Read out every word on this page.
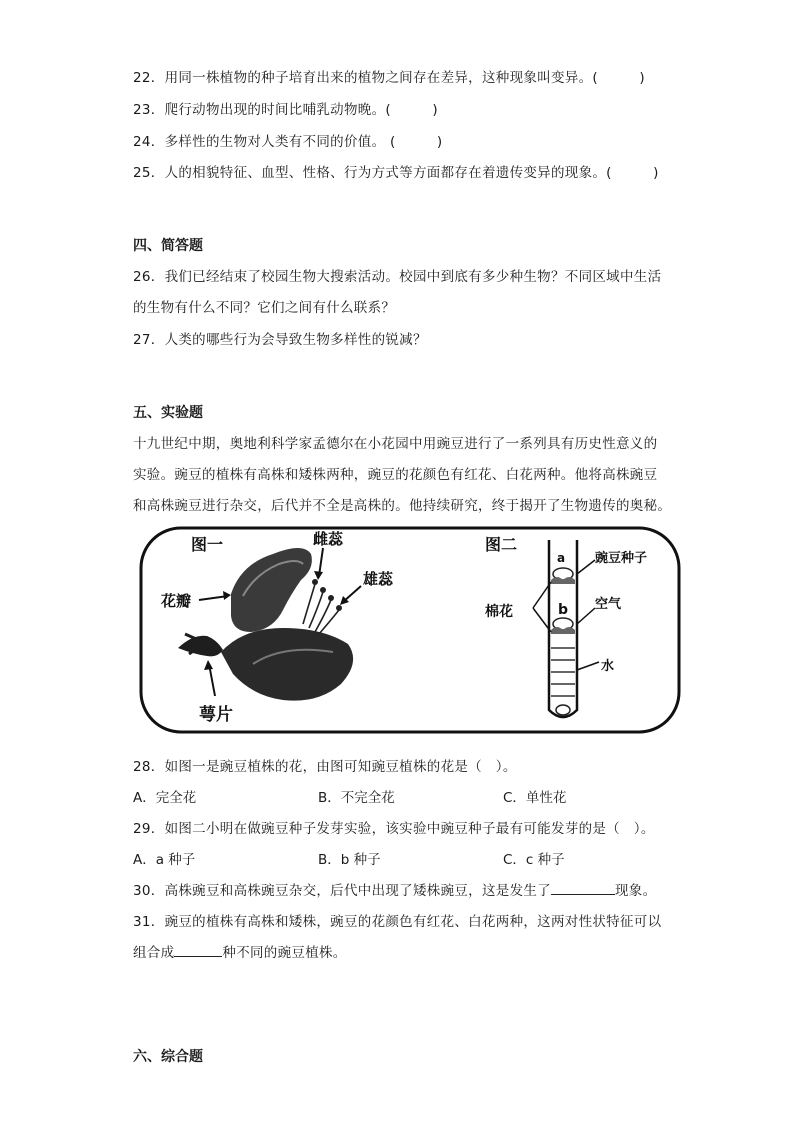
22．用同一株植物的种子培育出来的植物之间存在差异，这种现象叫变异。(　　　)
23．爬行动物出现的时间比哺乳动物晚。(　　　)
24．多样性的生物对人类有不同的价值。 (　　　)
25．人的相貌特征、血型、性格、行为方式等方面都存在着遗传变异的现象。(　　　)
四、简答题
26．我们已经结束了校园生物大搜索活动。校园中到底有多少种生物？不同区域中生活
的生物有什么不同？它们之间有什么联系？
27．人类的哪些行为会导致生物多样性的锐减？
五、实验题
十九世纪中期，奥地利科学家孟德尔在小花园中用豌豆进行了一系列具有历史性意义的
实验。豌豆的植株有高株和矮株两种，豌豆的花颜色有红花、白花两种。他将高株豌豆
和高株豌豆进行杂交，后代并不全是高株的。他持续研究，终于揭开了生物遗传的奥秘。
图一
花瓣
雌蕊
雄蕊
萼片
图二
a
b
豌豆种子
空气
水
棉花
28．如图一是豌豆植株的花，由图可知豌豆植株的花是（　）。
A．完全花	B．不完全花	C．单性花
29．如图二小明在做豌豆种子发芽实验，该实验中豌豆种子最有可能发芽的是（　）。
A．a 种子	B．b 种子	C．c 种子
30．高株豌豆和高株豌豆杂交，后代中出现了矮株豌豆，这是发生了	现象。
31．豌豆的植株有高株和矮株，豌豆的花颜色有红花、白花两种，这两对性状特征可以
组合成	种不同的豌豆植株。
六、综合题
